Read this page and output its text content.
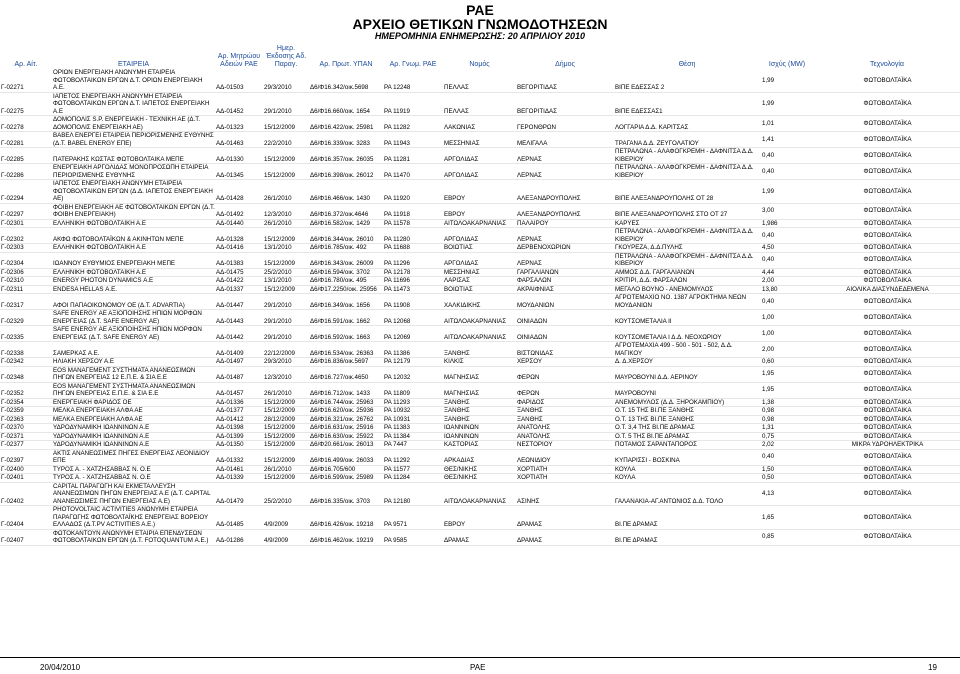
ΡΑΕ
ΑΡΧΕΙΟ ΘΕΤΙΚΩΝ ΓΝΩΜΟΔΟΤΗΣΕΩΝ
ΗΜΕΡΟΜΗΝΙΑ ΕΝΗΜΕΡΩΣΗΣ: 20 ΑΠΡΙΛΙΟΥ 2010
Αρ. Αίτ.	ΕΤΑΙΡΕΙΑ	Αρ. Μητρώου Αδειών ΡΑΕ	Ημερ. Έκδοσης Αδ. Παραγ.	Αρ. Πρωτ. ΥΠΑΝ	Αρ. Γνωμ. ΡΑΕ	Νομός	Δήμος	Θέση	Ισχύς (MW)	Τεχνολογία
Γ-02271	ΟΡΙΩΝ ΕΝΕΡΓΕΙΑΚΗ ΑΝΩΝΥΜΗ ΕΤΑΙΡΕΙΑ ΦΩΤΟΒΟΛΤΑΙΚΩΝ ΕΡΓΩΝ Δ.Τ. ΟΡΙΩΝ ΕΝΕΡΓΕΙΑΚΗ Α.Ε.	ΑΔ-01503	29/3/2010	Δ6/Φ16.342/οικ.5698	ΡΑ 12248	ΠΕΛΛΑΣ	ΒΕΓΟΡΙΤΙΔΑΣ	ΒΙΠΕ ΕΔΕΣΣΑΣ 2	1,99	ΦΩΤΟΒΟΛΤΑΪΚΑ
Γ-02275	ΙΑΠΕΤΟΣ ΕΝΕΡΓΕΙΑΚΗ ΑΝΩΝΥΜΗ ΕΤΑΙΡΕΙΑ ΦΩΤΟΒΟΛΤΑΙΚΩΝ ΕΡΓΩΝ Δ.Τ. ΙΑΠΕΤΟΣ ΕΝΕΡΓΕΙΑΚΗ Α.Ε	ΑΔ-01452	29/1/2010	Δ6/Φ16.660/οικ. 1654	ΡΑ 11919	ΠΕΛΛΑΣ	ΒΕΓΟΡΙΤΙΔΑΣ	ΒΙΠΕ ΕΔΕΣΣΑΣ1	1,99	ΦΩΤΟΒΟΛΤΑΪΚΑ
Γ-02278	ΔΟΜΟΠΟΛΙΣ S.P. ΕΝΕΡΓΕΙΑΚΗ - ΤΕΧΝΙΚΗ ΑΕ (Δ.Τ. ΔΟΜΟΠΟΛΙΣ ΕΝΕΡΓΕΙΑΚΗ ΑΕ)	ΑΔ-01323	15/12/2009	Δ6/Φ16.422/οικ. 25981	ΡΑ 11282	ΛΑΚΩΝΙΑΣ	ΓΕΡΟΝΘΡΩΝ	ΛΟΓΓΑΡΙΑ Δ.Δ. ΚΑΡΙΤΣΑΣ	1,01	ΦΩΤΟΒΟΛΤΑΪΚΑ
Γ-02281	ΒΑΒΕΛ ΕΝΕΡΓΕΙ ΕΤΑΙΡΕΙΑ ΠΕΡΙΟΡΙΣΜΕΝΗΣ ΕΥΘΥΝΗΣ (Δ.Τ. BABEL ENERGY ΕΠΕ)	ΑΔ-01463	22/2/2010	Δ6/Φ16.339/οικ. 3283	ΡΑ 11943	ΜΕΣΣΗΝΙΑΣ	ΜΕΛΙΓΑΛΑ	ΤΡΑΓΑΝΑ Δ.Δ. ΖΕΥΓΟΛΑΤΙΟΥ	1,41	ΦΩΤΟΒΟΛΤΑΪΚΑ
Γ-02285	ΠΑΤΕΡΑΚΗΣ ΚΩΣΤΑΣ ΦΩΤΟΒΟΛΤΑΙΚΑ ΜΕΠΕ	ΑΔ-01330	15/12/2009	Δ6/Φ16.357/οικ. 26035	ΡΑ 11281	ΑΡΓΟΛΙΔΑΣ	ΛΕΡΝΑΣ	ΠΕΤΡΑΛΩΝΑ - ΑΛΑΦΟΓΚΡΕΜΗ - ΔΑΦΝΙΤΣΑ Δ.Δ. ΚΙΒΕΡΙΟΥ	0,40	ΦΩΤΟΒΟΛΤΑΪΚΑ
Γ-02286	ΕΝΕΡΓΕΙΑΚΗ ΑΡΓΟΛΙΔΑΣ ΜΟΝΟΠΡΟΣΩΠΗ ΕΤΑΙΡΕΙΑ ΠΕΡΙΟΡΙΣΜΕΝΗΣ ΕΥΘΥΝΗΣ	ΑΔ-01345	15/12/2009	Δ6/Φ16.398/οικ. 26012	ΡΑ 11470	ΑΡΓΟΛΙΔΑΣ	ΛΕΡΝΑΣ	ΠΕΤΡΑΛΩΝΑ - ΑΛΑΦΟΓΚΡΕΜΗ - ΔΑΦΝΙΤΣΑ Δ.Δ. ΚΙΒΕΡΙΟΥ	0,40	ΦΩΤΟΒΟΛΤΑΪΚΑ
Γ-02294	ΙΑΠΕΤΟΣ ΕΝΕΡΓΕΙΑΚΗ ΑΝΩΝΥΜΗ ΕΤΑΙΡΕΙΑ ΦΩΤΟΒΟΛΤΑΙΚΩΝ ΕΡΓΩΝ (Δ.Δ. ΙΑΠΕΤΟΣ ΕΝΕΡΓΕΙΑΚΗ ΑΕ)	ΑΔ-01428	26/1/2010	Δ6/Φ16.466/οικ. 1430	ΡΑ 11920	ΕΒΡΟΥ	ΑΛΕΞΑΝΔΡΟΥΠΟΛΗΣ	ΒΙΠΕ ΑΛΕΞΑΝΔΡΟΥΠΟΛΗΣ ΟΤ 28	1,99	ΦΩΤΟΒΟΛΤΑΪΚΑ
Γ-02297	ΦΟΙΒΗ ΕΝΕΡΓΕΙΑΚΗ ΑΕ ΦΩΤΟΒΟΛΤΑΙΚΩΝ ΕΡΓΩΝ (Δ.Τ. ΦΟΙΒΗ ΕΝΕΡΓΕΙΑΚΗ)	ΑΔ-01492	12/3/2010	Δ6/Φ16.372/οικ.4646	ΡΑ 11918	ΕΒΡΟΥ	ΑΛΕΞΑΝΔΡΟΥΠΟΛΗΣ	ΒΙΠΕ ΑΛΕΞΑΝΔΡΟΥΠΟΛΗΣ ΣΤΟ ΟΤ 27	3,00	ΦΩΤΟΒΟΛΤΑΪΚΑ
Γ-02301	ΕΛΛΗΝΙΚΗ ΦΩΤΟΒΟΛΤΑΪΚΗ Α.Ε	ΑΔ-01440	26/1/2010	Δ6/Φ16.582/οικ. 1429	ΡΑ 11578	ΑΙΤΩΛΟΑΚΑΡΝΑΝΙΑΣ	ΠΑΛΑΙΡΟΥ	ΚΑΡΥΕΣ	1,986	ΦΩΤΟΒΟΛΤΑΪΚΑ
Γ-02302	ΑΚΦΩ ΦΩΤΟΒΟΛΤΑΪΚΩΝ & ΑΚΙΝΗΤΩΝ ΜΕΠΕ	ΑΔ-01328	15/12/2009	Δ6/Φ16.344/οικ. 26010	ΡΑ 11280	ΑΡΓΟΛΙΔΑΣ	ΛΕΡΝΑΣ	ΠΕΤΡΑΛΩΝΑ - ΑΛΑΦΟΓΚΡΕΜΗ - ΔΑΦΝΙΤΣΑ Δ.Δ. ΚΙΒΕΡΙΟΥ	0,40	ΦΩΤΟΒΟΛΤΑΪΚΑ
Γ-02303	ΕΛΛΗΝΙΚΗ ΦΩΤΟΒΟΛΤΑΪΚΗ Α.Ε	ΑΔ-01416	13/1/2010	Δ6/Φ16.785/οικ. 492	ΡΑ 11688	ΒΟΙΩΤΙΑΣ	ΔΕΡΒΕΝΟΧΩΡΙΩΝ	ΓΚΟΥΡΕΖΑ, Δ.Δ.ΠΥΛΗΣ	4,50	ΦΩΤΟΒΟΛΤΑΪΚΑ
Γ-02304	ΙΩΑΝΝΟΥ ΕΥΘΥΜΙΟΣ ΕΝΕΡΓΕΙΑΚΗ ΜΕΠΕ	ΑΔ-01383	15/12/2009	Δ6/Φ16.343/οικ. 26009	ΡΑ 11296	ΑΡΓΟΛΙΔΑΣ	ΛΕΡΝΑΣ	ΠΕΤΡΑΛΩΝΑ - ΑΛΑΦΟΓΚΡΕΜΗ - ΔΑΦΝΙΤΣΑ Δ.Δ. ΚΙΒΕΡΙΟΥ	0,40	ΦΩΤΟΒΟΛΤΑΪΚΑ
Γ-02306	ΕΛΛΗΝΙΚΗ ΦΩΤΟΒΟΛΤΑΪΚΗ Α.Ε	ΑΔ-01475	25/2/2010	Δ6/Φ16.594/οικ. 3702	ΡΑ 12178	ΜΕΣΣΗΝΙΑΣ	ΓΑΡΓΑΛΙΑΝΩΝ	ΑΜΜΟΣ Δ.Δ. ΓΑΡΓΑΛΙΑΝΩΝ	4,44	ΦΩΤΟΒΟΛΤΑΪΚΑ
Γ-02310	ENERGY PHOTON DYNAMICS Α.Ε	ΑΔ-01422	13/1/2010	Δ6/Φ16.780/οικ. 495	ΡΑ 11696	ΛΑΡΙΣΑΣ	ΦΑΡΣΑΛΩΝ	ΚΡΙΤΙΡΙ, Δ.Δ. ΦΑΡΣΑΛΩΝ	2,00	ΦΩΤΟΒΟΛΤΑΪΚΑ
Γ-02311	ENDESA HELLAS Α.Ε.	ΑΔ-01337	15/12/2009	Δ6/Φ17.2250/οικ. 25956	ΡΑ 11473	ΒΟΙΩΤΙΑΣ	ΑΚΡΑΙΦΝΙΑΣ	ΜΕΓΑΛΟ ΒΟΥΝΟ - ΑΝΕΜΟΜΥΛΟΣ	13,80	ΑΙΟΛΙΚΑ ΔΙΑΣΥΝΔΕΔΕΜΕΝΑ
Γ-02317	ΑΦΟΙ ΠΑΠΑΟΙΚΟΝΟΜΟΥ ΟΕ (Δ.Τ. ADVARTIA)	ΑΔ-01447	29/1/2010	Δ6/Φ16.349/οικ. 1656	ΡΑ 11908	ΧΑΛΚΙΔΙΚΗΣ	ΜΟΥΔΑΝΙΩΝ	ΑΓΡΟΤΕΜΑΧΙΟ ΝΟ. 1387 ΑΓΡΟΚΤΗΜΑ ΝΕΩΝ ΜΟΥΔΑΝΙΩΝ	0,40	ΦΩΤΟΒΟΛΤΑΪΚΑ
Γ-02329	SAFE ENERGY ΑΕ ΑΞΙΟΠΟΙΗΣΗΣ ΗΠΙΩΝ ΜΟΡΦΩΝ ΕΝΕΡΓΕΙΑΣ (Δ.Τ. SAFE ENERGY ΑΕ)	ΑΔ-01443	29/1/2010	Δ6/Φ16.591/οικ. 1662	ΡΑ 12068	ΑΙΤΩΛΟΑΚΑΡΝΑΝΙΑΣ	ΟΙΝΙΑΔΩΝ	ΚΟΥΤΣΟΜΕΤΑΛΙΑ ΙΙ	1,00	ΦΩΤΟΒΟΛΤΑΪΚΑ
Γ-02335	SAFE ENERGY ΑΕ ΑΞΙΟΠΟΙΗΣΗΣ ΗΠΙΩΝ ΜΟΡΦΩΝ ΕΝΕΡΓΕΙΑΣ (Δ.Τ. SAFE ENERGY ΑΕ)	ΑΔ-01442	29/1/2010	Δ6/Φ16.592/οικ. 1663	ΡΑ 12069	ΑΙΤΩΛΟΑΚΑΡΝΑΝΙΑΣ	ΟΙΝΙΑΔΩΝ	ΚΟΥΤΣΟΜΕΤΑΛΙΑ Ι Δ.Δ. ΝΕΟΧΩΡΙΟΥ	1,00	ΦΩΤΟΒΟΛΤΑΪΚΑ
Γ-02338	ΣΑΜΕΡΚΑΣ Α.Ε.	ΑΔ-01409	22/12/2009	Δ6/Φ16.534/οικ. 26363	ΡΑ 11386	ΞΑΝΘΗΣ	ΒΙΣΤΩΝΙΔΑΣ	ΑΓΡΟΤΕΜΑΧΙΑ 499 - 500 - 501 - 502, Δ.Δ. ΜΑΓΙΚΟΥ	2,00	ΦΩΤΟΒΟΛΤΑΪΚΑ
Γ-02342	ΗΛΙΑΚΗ ΧΕΡΣΟΥ Α.Ε	ΑΔ-01497	29/3/2010	Δ6/Φ16.836/οικ.5697	ΡΑ 12179	ΚΙΛΚΙΣ	ΧΕΡΣΟΥ	Δ. Δ.ΧΕΡΣΟΥ	0,60	ΦΩΤΟΒΟΛΤΑΪΚΑ
Γ-02348	EOS ΜΑΝΑΓΕΜΕΝΤ ΣΥΣΤΗΜΑΤΑ ΑΝΑΝΕΩΣΙΜΩΝ ΠΗΓΩΝ ΕΝΕΡΓΕΙΑΣ 12 Ε.Π.Ε. & ΣΙΑ Ε.Ε	ΑΔ-01487	12/3/2010	Δ6/Φ16.727/οικ.4650	ΡΑ 12032	ΜΑΓΝΗΣΙΑΣ	ΦΕΡΩΝ	ΜΑΥΡΟΒΟΥΝΙ Δ.Δ. ΑΕΡΙΝΟΥ	1,95	ΦΩΤΟΒΟΛΤΑΪΚΑ
Γ-02352	EOS ΜΑΝΑΓΕΜΕΝΤ ΣΥΣΤΗΜΑΤΑ ΑΝΑΝΕΩΣΙΜΩΝ ΠΗΓΩΝ ΕΝΕΡΓΕΙΑΣ Ε.Π.Ε. & ΣΙΑ Ε.Ε	ΑΔ-01457	26/1/2010	Δ6/Φ16.712/οικ. 1433	ΡΑ 11809	ΜΑΓΝΗΣΙΑΣ	ΦΕΡΩΝ	ΜΑΥΡΟΒΟΥΝΙ	1,95	ΦΩΤΟΒΟΛΤΑΪΚΑ
Γ-02354	ΕΝΕΡΓΕΙΑΚΗ ΦΑΡΙΔΟΣ ΟΕ	ΑΔ-01336	15/12/2009	Δ6/Φ16.744/οικ. 25963	ΡΑ 11293	ΞΑΝΘΗΣ	ΦΑΡΙΔΟΣ	ΑΝΕΜΟΜΥΛΟΣ (Δ.Δ. ΞΗΡΟΚΑΜΠΙΟΥ)	1,38	ΦΩΤΟΒΟΛΤΑΪΚΑ
Γ-02359	ΜΕΛΚΑ ΕΝΕΡΓΕΙΑΚΗ ΑΛΦΑ ΑΕ	ΑΔ-01377	15/12/2009	Δ6/Φ16.620/οικ. 25936	ΡΑ 10932	ΞΑΝΘΗΣ	ΞΑΝΘΗΣ	Ο.Τ. 15 ΤΗΣ ΒΙ.ΠΕ ΞΑΝΘΗΣ	0,98	ΦΩΤΟΒΟΛΤΑΪΚΑ
Γ-02363	ΜΕΛΚΑ ΕΝΕΡΓΕΙΑΚΗ ΑΛΦΑ ΑΕ	ΑΔ-01412	28/12/2009	Δ6/Φ16.321/οικ. 26762	ΡΑ 10931	ΞΑΝΘΗΣ	ΞΑΝΘΗΣ	Ο.Τ. 13 ΤΗΣ ΒΙ.ΠΕ ΞΑΝΘΗΣ	0,98	ΦΩΤΟΒΟΛΤΑΪΚΑ
Γ-02370	ΥΔΡΟΔΥΝΑΜΙΚΗ ΙΩΑΝΝΙΝΩΝ Α.Ε	ΑΔ-01398	15/12/2009	Δ6/Φ16.631/οικ. 25916	ΡΑ 11383	ΙΩΑΝΝΙΝΩΝ	ΑΝΑΤΟΛΗΣ	Ο.Τ. 3,4 ΤΗΣ ΒΙ.ΠΕ ΔΡΑΜΑΣ	1,31	ΦΩΤΟΒΟΛΤΑΪΚΑ
Γ-02371	ΥΔΡΟΔΥΝΑΜΙΚΗ ΙΩΑΝΝΙΝΩΝ Α.Ε	ΑΔ-01399	15/12/2009	Δ6/Φ16.630/οικ. 25922	ΡΑ 11384	ΙΩΑΝΝΙΝΩΝ	ΑΝΑΤΟΛΗΣ	Ο.Τ. 5 ΤΗΣ ΒΙ.ΠΕ ΔΡΑΜΑΣ	0,75	ΦΩΤΟΒΟΛΤΑΪΚΑ
Γ-02377	ΥΔΡΟΔΥΝΑΜΙΚΗ ΙΩΑΝΝΙΝΩΝ Α.Ε	ΑΔ-01350	15/12/2009	Δ6/Φ20.661/οικ. 26013	ΡΑ 7447	ΚΑΣΤΟΡΙΑΣ	ΝΕΣΤΟΡΙΟΥ	ΠΟΤΑΜΟΣ ΣΑΡΑΝΤΑΠΟΡΟΣ	2,02	ΜΙΚΡΑ ΥΔΡΟΗΛΕΚΤΡΙΚΑ
Γ-02397	ΑΚΤΙΣ ΑΝΑΝΕΩΣΙΜΕΣ ΠΗΓΕΣ ΕΝΕΡΓΕΙΑΣ ΛΕΟΝΙΔΙΟΥ ΕΠΕ	ΑΔ-01332	15/12/2009	Δ6/Φ16.499/οικ. 26033	ΡΑ 11292	ΑΡΚΑΔΙΑΣ	ΛΕΩΝΙΔΙΟΥ	ΚΥΠΑΡΙΣΣΙ - ΒΟΣΚΙΝΑ	0,40	ΦΩΤΟΒΟΛΤΑΪΚΑ
Γ-02400	ΤΥΡΟΣ Α. - ΧΑΤΖΗΣΑΒΒΑΣ Ν. Ο.Ε	ΑΔ-01461	26/1/2010	Δ6/Φ16.705/600	ΡΑ 11577	ΘΕΣ/ΝΙΚΗΣ	ΧΟΡΤΙΑΤΗ	ΚΟΥΛΑ	1,50	ΦΩΤΟΒΟΛΤΑΪΚΑ
Γ-02401	ΤΥΡΟΣ Α. - ΧΑΤΖΗΣΑΒΒΑΣ Ν. Ο.Ε	ΑΔ-01339	15/12/2009	Δ6/Φ16.599/οικ. 25989	ΡΑ 11284	ΘΕΣ/ΝΙΚΗΣ	ΧΟΡΤΙΑΤΗ	ΚΟΥΛΑ	0,50	ΦΩΤΟΒΟΛΤΑΪΚΑ
Γ-02402	CAPITAL ΠΑΡΑΓΩΓΗ ΚΑΙ ΕΚΜΕΤΑΛΛΕΥΣΗ ΑΝΑΝΕΩΣΙΜΩΝ ΠΗΓΩΝ ΕΝΕΡΓΕΙΑΣ Α.Ε (Δ.Τ. CAPITAL ΑΝΑΝΕΩΣΙΜΕΣ ΠΗΓΩΝ ΕΝΕΡΓΕΙΑΣ Α.Ε)	ΑΔ-01479	25/2/2010	Δ6/Φ16.335/οικ. 3703	ΡΑ 12180	ΑΙΤΩΛΟΑΚΑΡΝΑΝΙΑΣ	ΑΣΙΝΗΣ	ΓΑΛΑΝΑΚΙΑ-ΑΓ.ΑΝΤΩΝΙΟΣ Δ.Δ. ΤΟΛΟ	4,13	ΦΩΤΟΒΟΛΤΑΪΚΑ
Γ-02404	PHOTOVOLTAIC ACTIVITIES ΑΝΩΝΥΜΗ ΕΤΑΙΡΕΙΑ ΠΑΡΑΓΩΓΗΣ ΦΩΤΟΒΟΛΤΑΪΚΗΣ ΕΝΕΡΓΕΙΑΣ ΒΟΡΕΙΟΥ ΕΛΛΑΔΟΣ (Δ.Τ.PV ACTIVITIES A.E.)	ΑΔ-01485	4/9/2009	Δ6/Φ16.426/οικ. 19218	ΡΑ 9571	ΕΒΡΟΥ	ΔΡΑΜΑΣ	ΒΙ.ΠΕ ΔΡΑΜΑΣ	1,65	ΦΩΤΟΒΟΛΤΑΪΚΑ
Γ-02407	ΦΩΤΟΚΑΝΤΟΥΝ ΑΝΩΝΥΜΗ ΕΤΑΙΡΙΑ ΕΠΕΝΔΥΣΕΩΝ ΦΩΤΟΒΟΛΤΑΙΚΩΝ ΕΡΓΩΝ (Δ.Τ. FOTOQUANTUM Α.Ε.)	ΑΔ-01286	4/9/2009	Δ6/Φ16.462/οικ. 19219	ΡΑ 9585	ΔΡΑΜΑΣ	ΔΡΑΜΑΣ	ΒΙ.ΠΕ ΔΡΑΜΑΣ	0,85	ΦΩΤΟΒΟΛΤΑΪΚΑ
20/04/2010	ΡΑΕ	19
